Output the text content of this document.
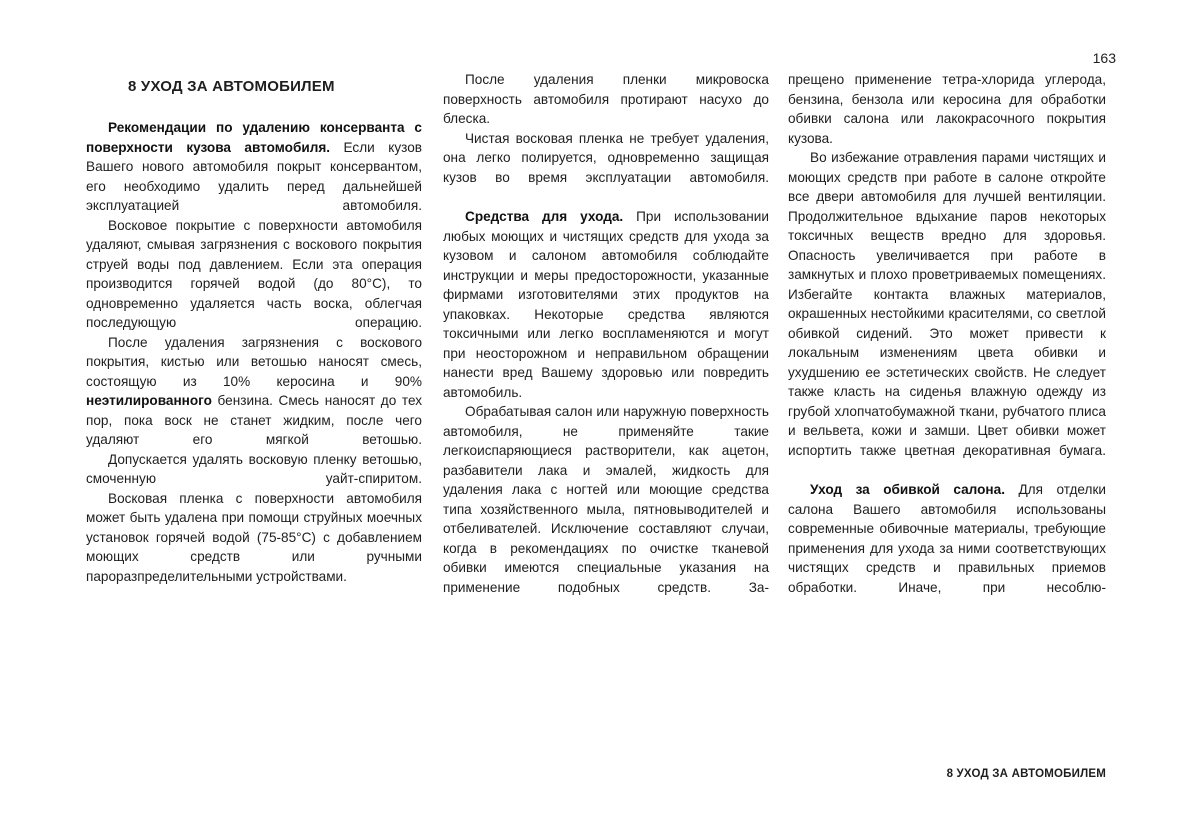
163
8 УХОД ЗА АВТОМОБИЛЕМ

Рекомендации по удалению консерванта с поверхности кузова автомобиля. Если кузов Вашего нового автомобиля покрыт консервантом, его необходимо удалить перед дальнейшей эксплуатацией автомобиля.

Восковое покрытие с поверхности автомобиля удаляют, смывая загрязнения с воскового покрытия струей воды под давлением. Если эта операция производится горячей водой (до 80°С), то одновременно удаляется часть воска, облегчая последующую операцию.

После удаления загрязнения с воскового покрытия, кистью или ветошью наносят смесь, состоящую из 10% керосина и 90% неэтилированного бензина. Смесь наносят до тех пор, пока воск не станет жидким, после чего удаляют его мягкой ветошью.

Допускается удалять восковую пленку ветошью, смоченную уайт-спиритом.

Восковая пленка с поверхности автомобиля может быть удалена при помощи струйных моечных установок горячей водой (75-85°С) с добавлением моющих средств или ручными пароразпределительными устройствами.

После удаления пленки микровоска поверхность автомобиля протирают насухо до блеска.

Чистая восковая пленка не требует удаления, она легко полируется, одновременно защищая кузов во время эксплуатации автомобиля.

Средства для ухода. При использовании любых моющих и чистящих средств для ухода за кузовом и салоном автомобиля соблюдайте инструкции и меры предосторожности, указанные фирмами изготовителями этих продуктов на упаковках. Некоторые средства являются токсичными или легко воспламеняются и могут при неосторожном и неправильном обращении нанести вред Вашему здоровью или повредить автомобиль.

Обрабатывая салон или наружную поверхность автомобиля, не применяйте такие легкоиспаряющиеся растворители, как ацетон, разбавители лака и эмалей, жидкость для удаления лака с ногтей или моющие средства типа хозяйственного мыла, пятновыводителей и отбеливателей. Исключение составляют случаи, когда в рекомендациях по очистке тканевой обивки имеются специальные указания на применение подобных средств. За-

прещено применение тетра-хлорида углерода, бензина, бензола или керосина для обработки обивки салона или лакокрасочного покрытия кузова.

Во избежание отравления парами чистящих и моющих средств при работе в салоне откройте все двери автомобиля для лучшей вентиляции. Продолжительное вдыхание паров некоторых токсичных веществ вредно для здоровья. Опасность увеличивается при работе в замкнутых и плохо проветриваемых помещениях. Избегайте контакта влажных материалов, окрашенных нестойкими красителями, со светлой обивкой сидений. Это может привести к локальным изменениям цвета обивки и ухудшению ее эстетических свойств. Не следует также класть на сиденья влажную одежду из грубой хлопчатобумажной ткани, рубчатого плиса и вельвета, кожи и замши. Цвет обивки может испортить также цветная декоративная бумага.

Уход за обивкой салона. Для отделки салона Вашего автомобиля использованы современные обивочные материалы, требующие применения для ухода за ними соответствующих чистящих средств и правильных приемов обработки. Иначе, при несоблю-

8 УХОД ЗА АВТОМОБИЛЕМ
